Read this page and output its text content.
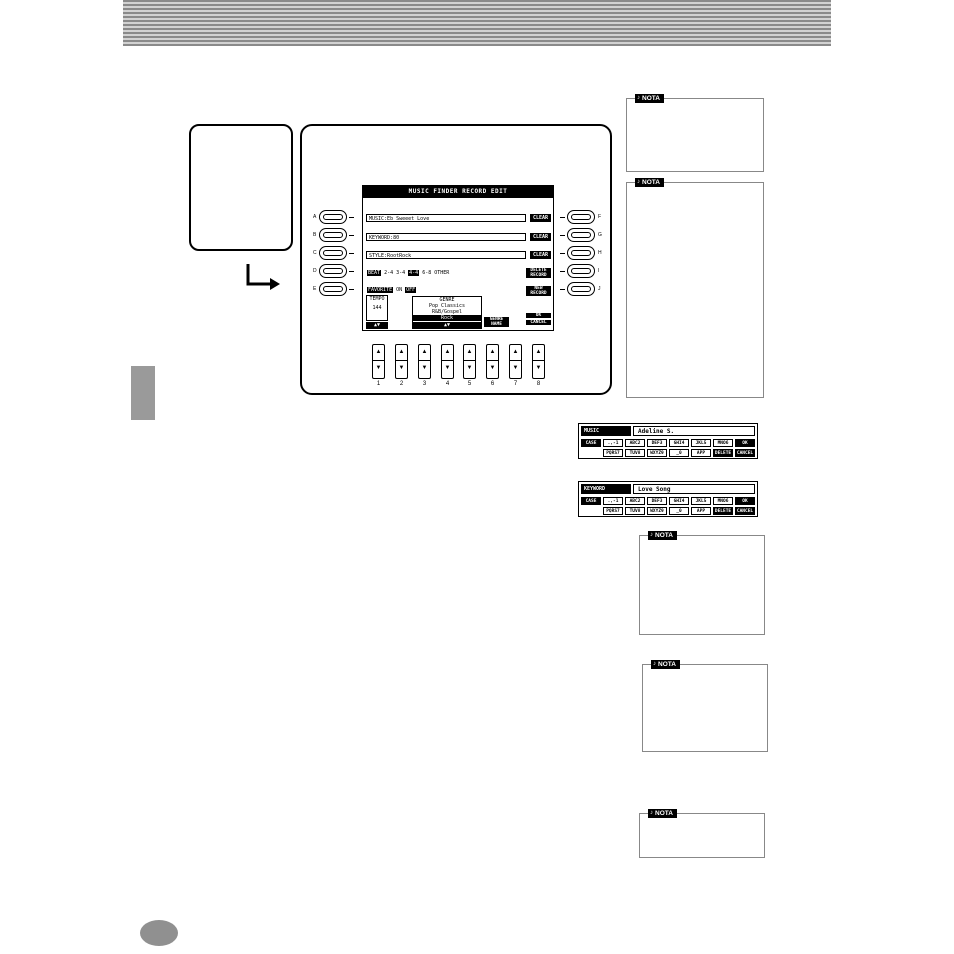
A
B
C
D
E
F
G
H
I
J
MUSIC FINDER RECORD EDIT
MUSIC:Eb Sweeet Love	CLEAR
KEYWORD:80	CLEAR
STYLE:RootRock	CLEAR
BEAT 2-4 3-4 4-4 6-8 OTHER	DELETE RECORD
FAVORITE ON OFF	NEW RECORD
TEMPO
144
▲▼
GENRE
Pop Classics
R&B/Gospel
Rock
▲▼
GENRE NAME
OK
CANCEL
▲
▼
1
▲
▼
2
▲
▼
3
▲
▼
4
▲
▼
5
▲
▼
6
▲
▼
7
▲
▼
8
♪ NOTA
♪ NOTA
♪ NOTA
♪ NOTA
♪ NOTA
MUSIC	Adeline S.
CASE	.,-1	ABC2	DEF3	GHI4	JKL5	MNO6	OK
PQRS7	TUV8	WXYZ9	_0	APP	DELETE	CANCEL
KEYWORD	Love Song
CASE	.,-1	ABC2	DEF3	GHI4	JKL5	MNO6	OK
PQRS7	TUV8	WXYZ9	_0	APP	DELETE	CANCEL
